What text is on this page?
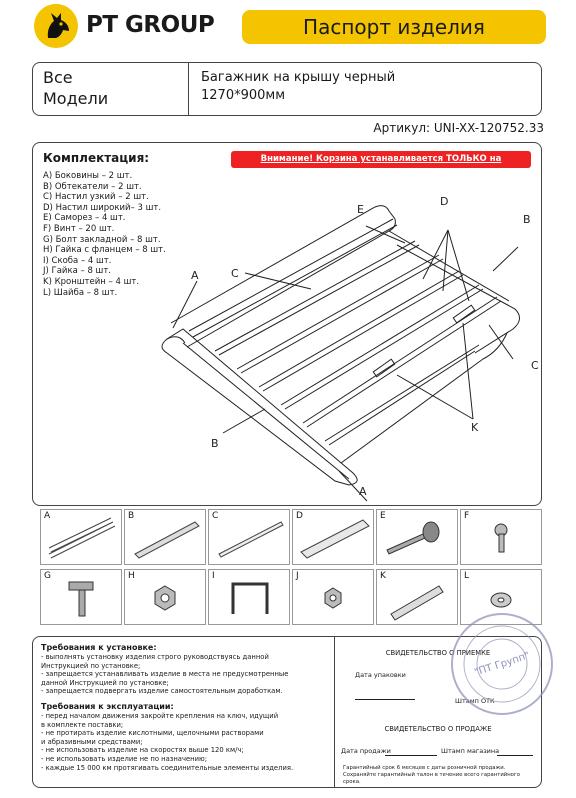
PT GROUP	Паспорт изделия
Все
Модели
Багажник на крышу черный
1270*900мм
Артикул: UNI-XX-120752.33
Комплектация:	Внимание! Корзина устанавливается ТОЛЬКО на поперечины!
A) Боковины – 2 шт.
B) Обтекатели – 2 шт.
C) Настил узкий – 2 шт.
D) Настил широкий– 3 шт.
E) Саморез – 4 шт.
F) Винт – 20 шт.
G) Болт закладной – 8 шт.
H) Гайка с фланцем – 8 шт.
I) Скоба – 4 шт.
J) Гайка – 8 шт.
K) Кронштейн – 4 шт.
L) Шайба – 8 шт.
E
D
B
A	C
C
B
K
A
A	B	C	D	E	F
G	H	I	J	K	L
Требования к установке:
- выполнять установку изделия строго руководствуясь данной
Инструкцией по установке;
- запрещается устанавливать изделие в места не предусмотренные
данной Инструкцией по установке;
- запрещается подвергать изделие самостоятельным доработкам.
Требования к эксплуатации:
- перед началом движения закройте крепления на ключ, идущий
в комплекте поставки;
- не протирать изделие кислотными, щелочными растворами
и абразивными средствами;
- не использовать изделие на скоростях выше 120 км/ч;
- не использовать изделие не по назначению;
- каждые 15 000 км протягивать соединительные элементы изделия.
СВИДЕТЕЛЬСТВО О ПРИЕМКЕ
Дата упаковки
Штамп ОТК
СВИДЕТЕЛЬСТВО О ПРОДАЖЕ
Дата продажи	Штамп магазина
Гарантийный срок 6 месяцев с даты розничной продажи.
Сохраняйте гарантийный талон в течение всего гарантийного срока.
"ПТ Групп"
